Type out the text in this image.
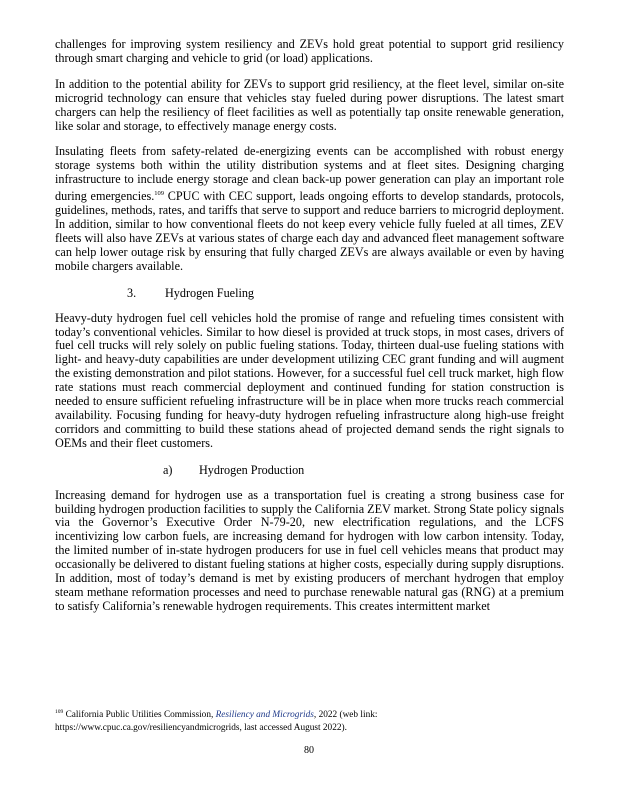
challenges for improving system resiliency and ZEVs hold great potential to support grid resiliency through smart charging and vehicle to grid (or load) applications.

In addition to the potential ability for ZEVs to support grid resiliency, at the fleet level, similar on-site microgrid technology can ensure that vehicles stay fueled during power disruptions. The latest smart chargers can help the resiliency of fleet facilities as well as potentially tap onsite renewable generation, like solar and storage, to effectively manage energy costs.

Insulating fleets from safety-related de-energizing events can be accomplished with robust energy storage systems both within the utility distribution systems and at fleet sites. Designing charging infrastructure to include energy storage and clean back-up power generation can play an important role during emergencies.$^{109}$ CPUC with CEC support, leads ongoing efforts to develop standards, protocols, guidelines, methods, rates, and tariffs that serve to support and reduce barriers to microgrid deployment. In addition, similar to how conventional fleets do not keep every vehicle fully fueled at all times, ZEV fleets will also have ZEVs at various states of charge each day and advanced fleet management software can help lower outage risk by ensuring that fully charged ZEVs are always available or even by having mobile chargers available.

3. Hydrogen Fueling

Heavy-duty hydrogen fuel cell vehicles hold the promise of range and refueling times consistent with today’s conventional vehicles. Similar to how diesel is provided at truck stops, in most cases, drivers of fuel cell trucks will rely solely on public fueling stations. Today, thirteen dual-use fueling stations with light- and heavy-duty capabilities are under development utilizing CEC grant funding and will augment the existing demonstration and pilot stations. However, for a successful fuel cell truck market, high flow rate stations must reach commercial deployment and continued funding for station construction is needed to ensure sufficient refueling infrastructure will be in place when more trucks reach commercial availability. Focusing funding for heavy-duty hydrogen refueling infrastructure along high-use freight corridors and committing to build these stations ahead of projected demand sends the right signals to OEMs and their fleet customers.

a) Hydrogen Production

Increasing demand for hydrogen use as a transportation fuel is creating a strong business case for building hydrogen production facilities to supply the California ZEV market. Strong State policy signals via the Governor’s Executive Order N-79-20, new electrification regulations, and the LCFS incentivizing low carbon fuels, are increasing demand for hydrogen with low carbon intensity. Today, the limited number of in-state hydrogen producers for use in fuel cell vehicles means that product may occasionally be delivered to distant fueling stations at higher costs, especially during supply disruptions. In addition, most of today’s demand is met by existing producers of merchant hydrogen that employ steam methane reformation processes and need to purchase renewable natural gas (RNG) at a premium to satisfy California’s renewable hydrogen requirements. This creates intermittent market

$^{109}$ California Public Utilities Commission, Resiliency and Microgrids, 2022 (web link:
https://www.cpuc.ca.gov/resiliencyandmicrogrids, last accessed August 2022).
80
